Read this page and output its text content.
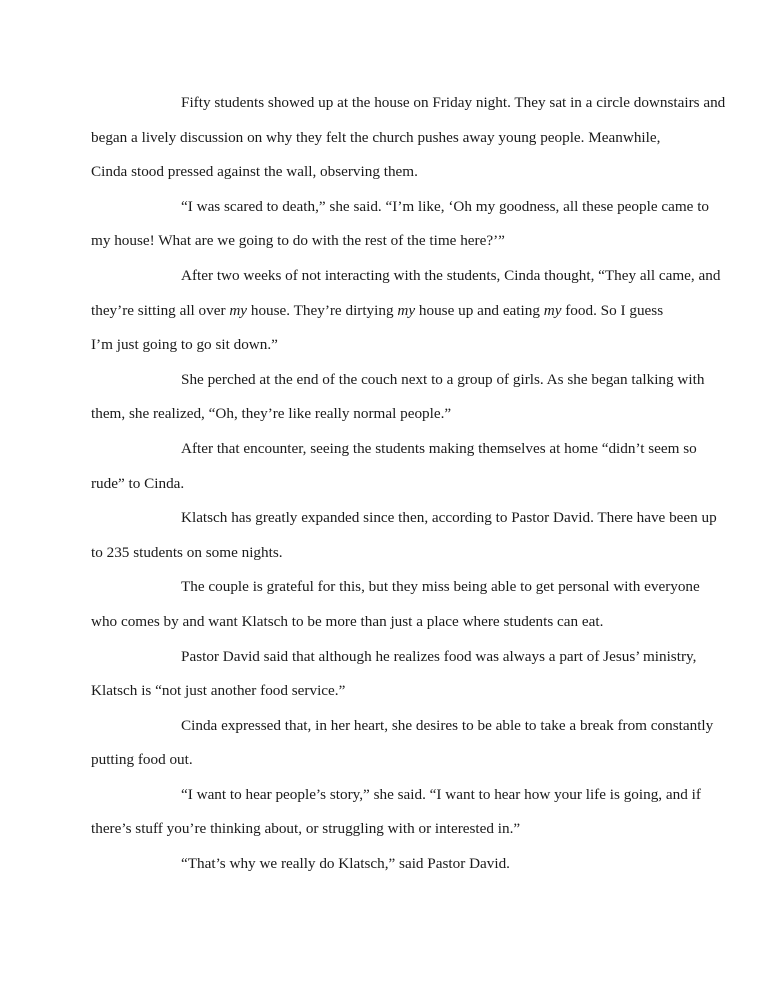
Fifty students showed up at the house on Friday night. They sat in a circle downstairs and
began a lively discussion on why they felt the church pushes away young people. Meanwhile,
Cinda stood pressed against the wall, observing them.
“I was scared to death,” she said. “I’m like, ‘Oh my goodness, all these people came to
my house! What are we going to do with the rest of the time here?’”
After two weeks of not interacting with the students, Cinda thought, “They all came, and
they’re sitting all over my house. They’re dirtying my house up and eating my food. So I guess
I’m just going to go sit down.”
She perched at the end of the couch next to a group of girls. As she began talking with
them, she realized, “Oh, they’re like really normal people.”
After that encounter, seeing the students making themselves at home “didn’t seem so
rude” to Cinda.
Klatsch has greatly expanded since then, according to Pastor David. There have been up
to 235 students on some nights.
The couple is grateful for this, but they miss being able to get personal with everyone
who comes by and want Klatsch to be more than just a place where students can eat.
Pastor David said that although he realizes food was always a part of Jesus’ ministry,
Klatsch is “not just another food service.”
Cinda expressed that, in her heart, she desires to be able to take a break from constantly
putting food out.
“I want to hear people’s story,” she said. “I want to hear how your life is going, and if
there’s stuff you’re thinking about, or struggling with or interested in.”
“That’s why we really do Klatsch,” said Pastor David.
